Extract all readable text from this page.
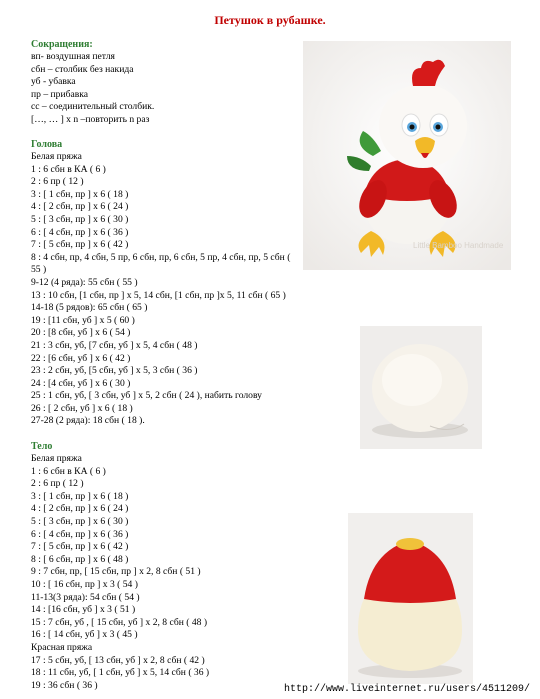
Петушок в рубашке.
Сокращения:
вп- воздушная петля
сбн – столбик без накида
уб - убавка
пр – прибавка
сс – соединительный столбик.
[…, … ] x n –повторить n раз
Голова
Белая пряжа
1 : 6 сбн в КА ( 6 )
2 : 6 пр ( 12 )
3 : [ 1 сбн, пр ] х 6 ( 18 )
4 : [ 2 сбн, пр ] х 6 ( 24 )
5 : [ 3 сбн, пр ] х 6 ( 30 )
6 : [ 4 сбн, пр ] х 6 ( 36 )
7 : [ 5 сбн, пр ] х 6 ( 42 )
8 : 4 сбн, пр, 4 сбн, 5 пр, 6 сбн, пр, 6 сбн, 5 пр, 4 сбн, пр, 5 сбн ( 55 )
9-12 (4 ряда): 55 сбн ( 55 )
13 : 10 сбн, [1 сбн, пр ] х 5, 14 сбн, [1 сбн, пр ]х 5, 11 сбн ( 65 )
14-18 (5 рядов): 65 сбн ( 65 )
19 : [11 сбн, уб ] х 5 ( 60 )
20 : [8 сбн, уб ] х 6 ( 54 )
21 : 3 сбн, уб, [7 сбн, уб ] х 5, 4 сбн ( 48 )
22 : [6 сбн, уб ] х 6 ( 42 )
23 : 2 сбн, уб, [5 сбн, уб ] х 5, 3 сбн ( 36 )
24 : [4 сбн, уб ] х 6 ( 30 )
25 : 1 сбн, уб, [ 3 сбн, уб ] х 5, 2 сбн ( 24 ), набить голову
26 : [ 2 сбн, уб ] х 6 ( 18 )
27-28 (2 ряда): 18 сбн ( 18 ).
Тело
Белая пряжа
1 : 6 сбн в КА ( 6 )
2 : 6 пр ( 12 )
3 : [ 1 сбн, пр ] х 6 ( 18 )
4 : [ 2 сбн, пр ] х 6 ( 24 )
5 : [ 3 сбн, пр ] х 6 ( 30 )
6 : [ 4 сбн, пр ] х 6 ( 36 )
7 : [ 5 сбн, пр ] х 6 ( 42 )
8 : [ 6 сбн, пр ] х 6 ( 48 )
9 : 7 сбн, пр, [ 15 сбн, пр ] х 2, 8 сбн ( 51 )
10 : [ 16 сбн, пр ] х 3 ( 54 )
11-13(3 ряда): 54 сбн ( 54 )
14 : [16 сбн, уб ] х 3 ( 51 )
15 : 7 сбн, уб , [ 15 сбн, уб ] х 2, 8 сбн ( 48 )
16 : [ 14 сбн, уб ] х 3 ( 45 )
Красная пряжа
17 : 5 сбн, уб, [ 13 сбн, уб ] х 2, 8 сбн ( 42 )
18 : 11 сбн, уб, [ 1 сбн, уб ] х 5, 14 сбн ( 36 )
19 : 36 сбн ( 36 )
Little Bamboo Handmade
http://www.liveinternet.ru/users/4511209/
